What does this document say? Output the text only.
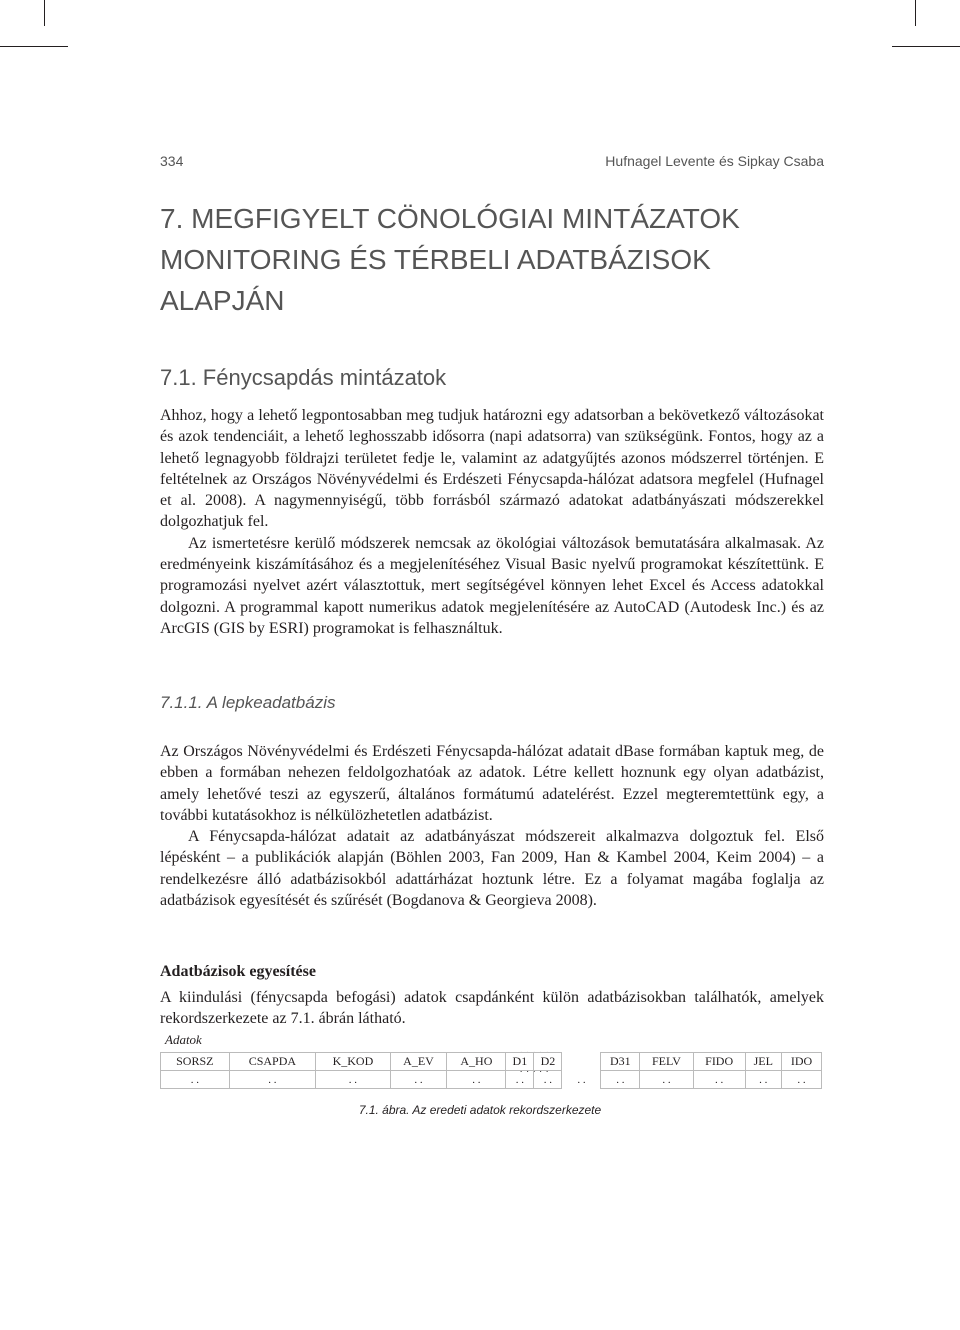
334	Hufnagel Levente és Sipkay Csaba
7. MEGFIGYELT CÖNOLÓGIAI MINTÁZATOK
MONITORING ÉS TÉRBELI ADATBÁZISOK
ALAPJÁN
7.1. Fénycsapdás mintázatok

Ahhoz, hogy a lehető legpontosabban meg tudjuk határozni egy adatsorban a bekövetkező változásokat és azok tendenciáit, a lehető leghosszabb idősorra (napi adatsorra) van szükségünk. Fontos, hogy az a lehető legnagyobb földrajzi területet fedje le, valamint az adatgyűjtés azonos módszerrel történjen. E feltételnek az Országos Növényvédelmi és Erdészeti Fénycsapda-hálózat adatsora megfelel (Hufnagel et al. 2008). A nagymennyiségű, több forrásból származó adatokat adatbányászati módszerekkel dolgozhatjuk fel.

Az ismertetésre kerülő módszerek nemcsak az ökológiai változások bemutatására alkalmasak. Az eredményeink kiszámításához és a megjelenítéséhez Visual Basic nyelvű programokat készítettünk. E programozási nyelvet azért választottuk, mert segítségével könnyen lehet Excel és Access adatokkal dolgozni. A programmal kapott numerikus adatok megjelenítésére az AutoCAD (Autodesk Inc.) és az ArcGIS (GIS by ESRI) programokat is felhasználtuk.

7.1.1. A lepkeadatbázis

Az Országos Növényvédelmi és Erdészeti Fénycsapda-hálózat adatait dBase formában kaptuk meg, de ebben a formában nehezen feldolgozhatóak az adatok. Létre kellett hoznunk egy olyan adatbázist, amely lehetővé teszi az egyszerű, általános formátumú adatelérést. Ezzel megteremtettünk egy, a további kutatásokhoz is nélkülözhetetlen adatbázist.

A Fénycsapda-hálózat adatait az adatbányászat módszereit alkalmazva dolgoztuk fel. Első lépésként – a publikációk alapján (Böhlen 2003, Fan 2009, Han & Kambel 2004, Keim 2004) – a rendelkezésre álló adatbázisokból adattárházat hoztunk létre. Ez a folyamat magába foglalja az adatbázisok egyesítését és szűrését (Bogdanova & Georgieva 2008).

Adatbázisok egyesítése

A kiindulási (fénycsapda befogási) adatok csapdánként külön adatbázisokban találhatók, amelyek rekordszerkezete az 7.1. ábrán látható.

Adatok
. . . . .
. . . . .
SORSZ	CSAPDA	K_KOD	A_EV	A_HO	D1	D2		D31	FELV	FIDO	JEL	IDO
. .	. .	. .	. .	. .	. .	. .	. .	. .	. .	. .	. .	. .
7.1. ábra. Az eredeti adatok rekordszerkezete
